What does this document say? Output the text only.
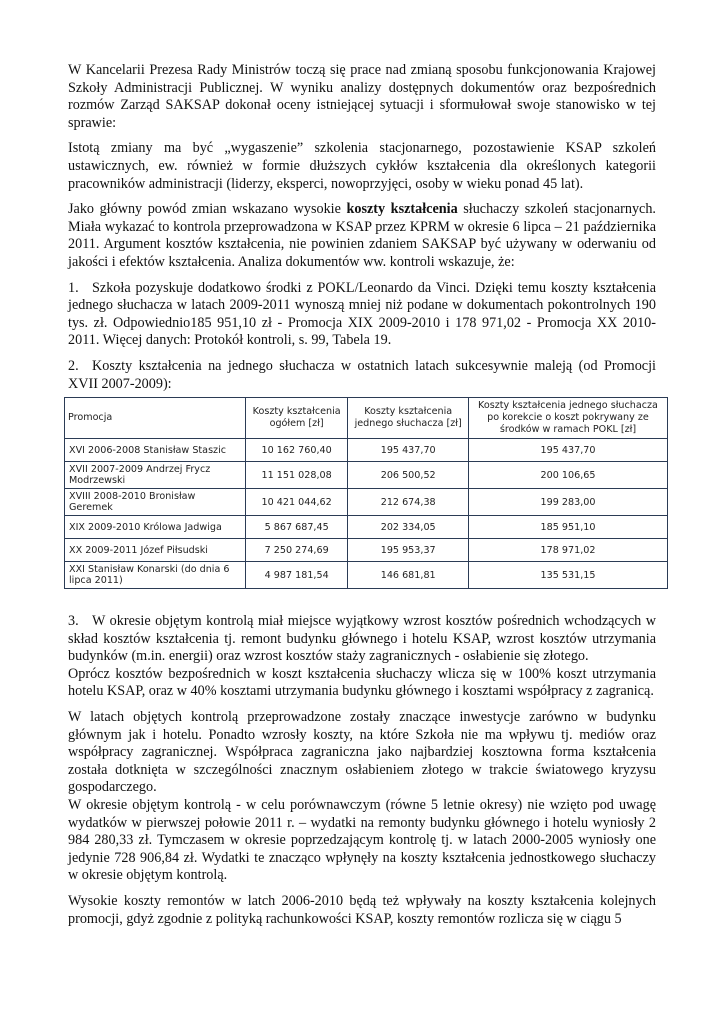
W Kancelarii Prezesa Rady Ministrów toczą się prace nad zmianą sposobu funkcjonowania Krajowej Szkoły Administracji Publicznej. W wyniku analizy dostępnych dokumentów oraz bezpośrednich rozmów Zarząd SAKSAP dokonał oceny istniejącej sytuacji i sformułował swoje stanowisko w tej sprawie:

Istotą zmiany ma być „wygaszenie” szkolenia stacjonarnego, pozostawienie KSAP szkoleń ustawicznych, ew. również w formie dłuższych cykłów kształcenia dla określonych kategorii pracowników administracji (liderzy, eksperci, nowoprzyjęci, osoby w wieku ponad 45 lat).

Jako główny powód zmian wskazano wysokie koszty kształcenia słuchaczy szkoleń stacjonarnych. Miała wykazać to kontrola przeprowadzona w KSAP przez KPRM w okresie 6 lipca – 21 października 2011. Argument kosztów kształcenia, nie powinien zdaniem SAKSAP być używany w oderwaniu od jakości i efektów kształcenia. Analiza dokumentów ww. kontroli wskazuje, że:

1. Szkoła pozyskuje dodatkowo środki z POKL/Leonardo da Vinci. Dzięki temu koszty kształcenia jednego słuchacza w latach 2009-2011 wynoszą mniej niż podane w dokumentach pokontrolnych 190 tys. zł. Odpowiednio185 951,10 zł - Promocja XIX 2009-2010 i 178 971,02 - Promocja XX 2010-2011. Więcej danych: Protokół kontroli, s. 99, Tabela 19.

2. Koszty kształcenia na jednego słuchacza w ostatnich latach sukcesywnie maleją (od Promocji XVII 2007-2009):

Promocja	Koszty kształcenia ogółem [zł]	Koszty kształcenia jednego słuchacza [zł]	Koszty kształcenia jednego słuchacza po korekcie o koszt pokrywany ze środków w ramach POKL [zł]
XVI 2006-2008 Stanisław Staszic	10 162 760,40	195 437,70	195 437,70
XVII 2007-2009 Andrzej Frycz Modrzewski	11 151 028,08	206 500,52	200 106,65
XVIII 2008-2010 Bronisław Geremek	10 421 044,62	212 674,38	199 283,00
XIX 2009-2010 Królowa Jadwiga	5 867 687,45	202 334,05	185 951,10
XX 2009-2011 Józef Piłsudski	7 250 274,69	195 953,37	178 971,02
XXI Stanisław Konarski (do dnia 6 lipca 2011)	4 987 181,54	146 681,81	135 531,15

3. W okresie objętym kontrolą miał miejsce wyjątkowy wzrost kosztów pośrednich wchodzących w skład kosztów kształcenia tj. remont budynku głównego i hotelu KSAP, wzrost kosztów utrzymania budynków (m.in. energii) oraz wzrost kosztów staży zagranicznych - osłabienie się złotego.

Oprócz kosztów bezpośrednich w koszt kształcenia słuchaczy wlicza się w 100% koszt utrzymania hotelu KSAP, oraz w 40% kosztami utrzymania budynku głównego i kosztami współpracy z zagranicą.

W latach objętych kontrolą przeprowadzone zostały znaczące inwestycje zarówno w budynku głównym jak i hotelu. Ponadto wzrosły koszty, na które Szkoła nie ma wpływu tj. mediów oraz współpracy zagranicznej. Współpraca zagraniczna jako najbardziej kosztowna forma kształcenia została dotknięta w szczególności znacznym osłabieniem złotego w trakcie światowego kryzysu gospodarczego.

W okresie objętym kontrolą - w celu porównawczym (równe 5 letnie okresy) nie wzięto pod uwagę wydatków w pierwszej połowie 2011 r. – wydatki na remonty budynku głównego i hotelu wyniosły 2 984 280,33 zł. Tymczasem w okresie poprzedzającym kontrolę tj. w latach 2000-2005 wyniosły one jedynie 728 906,84 zł. Wydatki te znacząco wpłynęły na koszty kształcenia jednostkowego słuchaczy w okresie objętym kontrolą.

Wysokie koszty remontów w latch 2006-2010 będą też wpływały na koszty kształcenia kolejnych promocji, gdyż zgodnie z polityką rachunkowości KSAP, koszty remontów rozlicza się w ciągu 5
